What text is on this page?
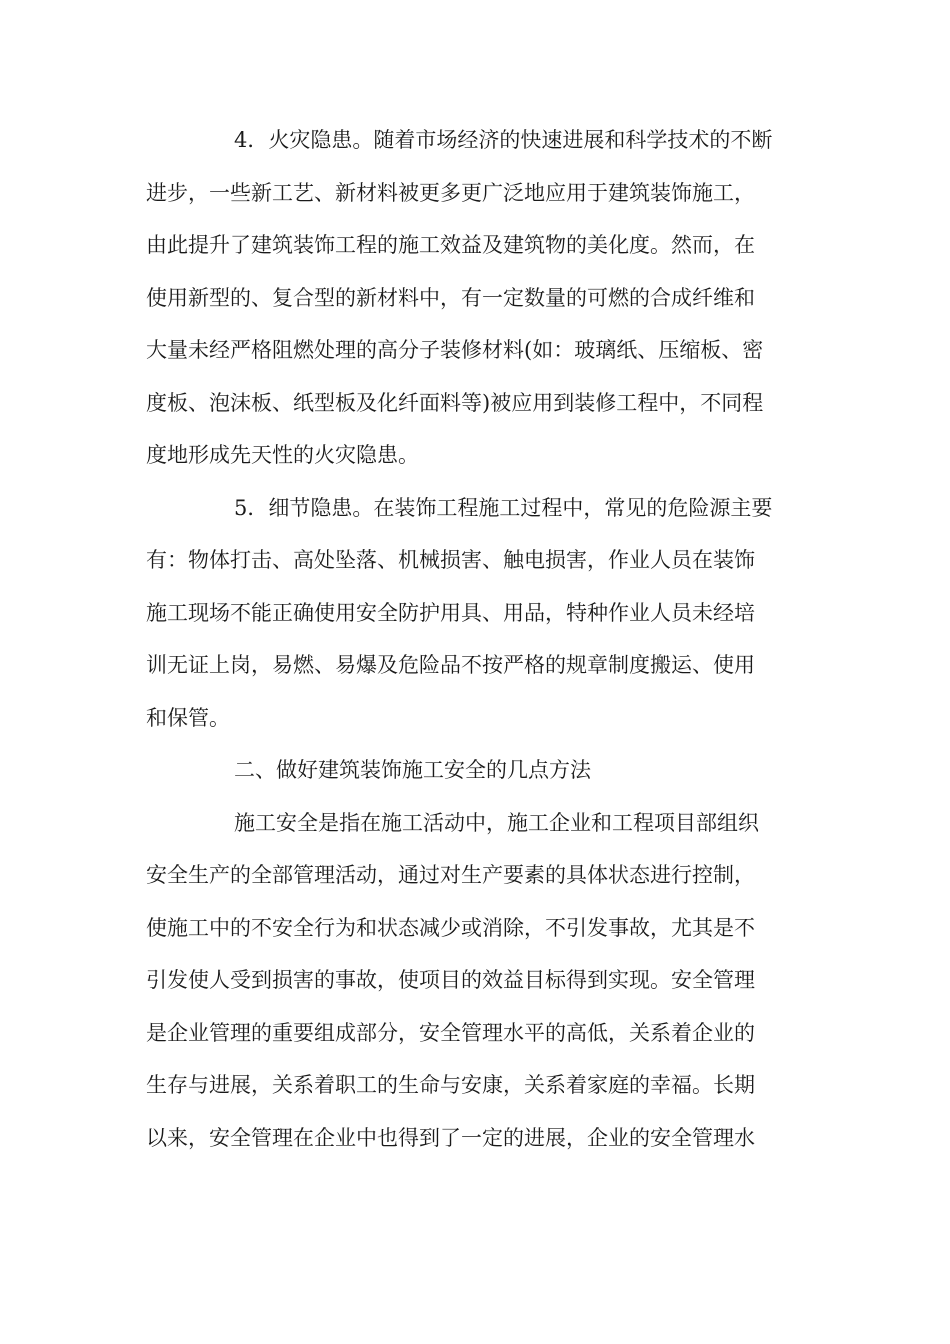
4．火灾隐患。随着市场经济的快速进展和科学技术的不断
进步，一些新工艺、新材料被更多更广泛地应用于建筑装饰施工，
由此提升了建筑装饰工程的施工效益及建筑物的美化度。然而，在
使用新型的、复合型的新材料中，有一定数量的可燃的合成纤维和
大量未经严格阻燃处理的高分子装修材料(如：玻璃纸、压缩板、密
度板、泡沫板、纸型板及化纤面料等)被应用到装修工程中，不同程
度地形成先天性的火灾隐患。
5．细节隐患。在装饰工程施工过程中，常见的危险源主要
有：物体打击、高处坠落、机械损害、触电损害，作业人员在装饰
施工现场不能正确使用安全防护用具、用品，特种作业人员未经培
训无证上岗，易燃、易爆及危险品不按严格的规章制度搬运、使用
和保管。
二、做好建筑装饰施工安全的几点方法
施工安全是指在施工活动中，施工企业和工程项目部组织
安全生产的全部管理活动，通过对生产要素的具体状态进行控制，
使施工中的不安全行为和状态减少或消除，不引发事故，尤其是不
引发使人受到损害的事故，使项目的效益目标得到实现。安全管理
是企业管理的重要组成部分，安全管理水平的高低，关系着企业的
生存与进展，关系着职工的生命与安康，关系着家庭的幸福。长期
以来，安全管理在企业中也得到了一定的进展，企业的安全管理水
